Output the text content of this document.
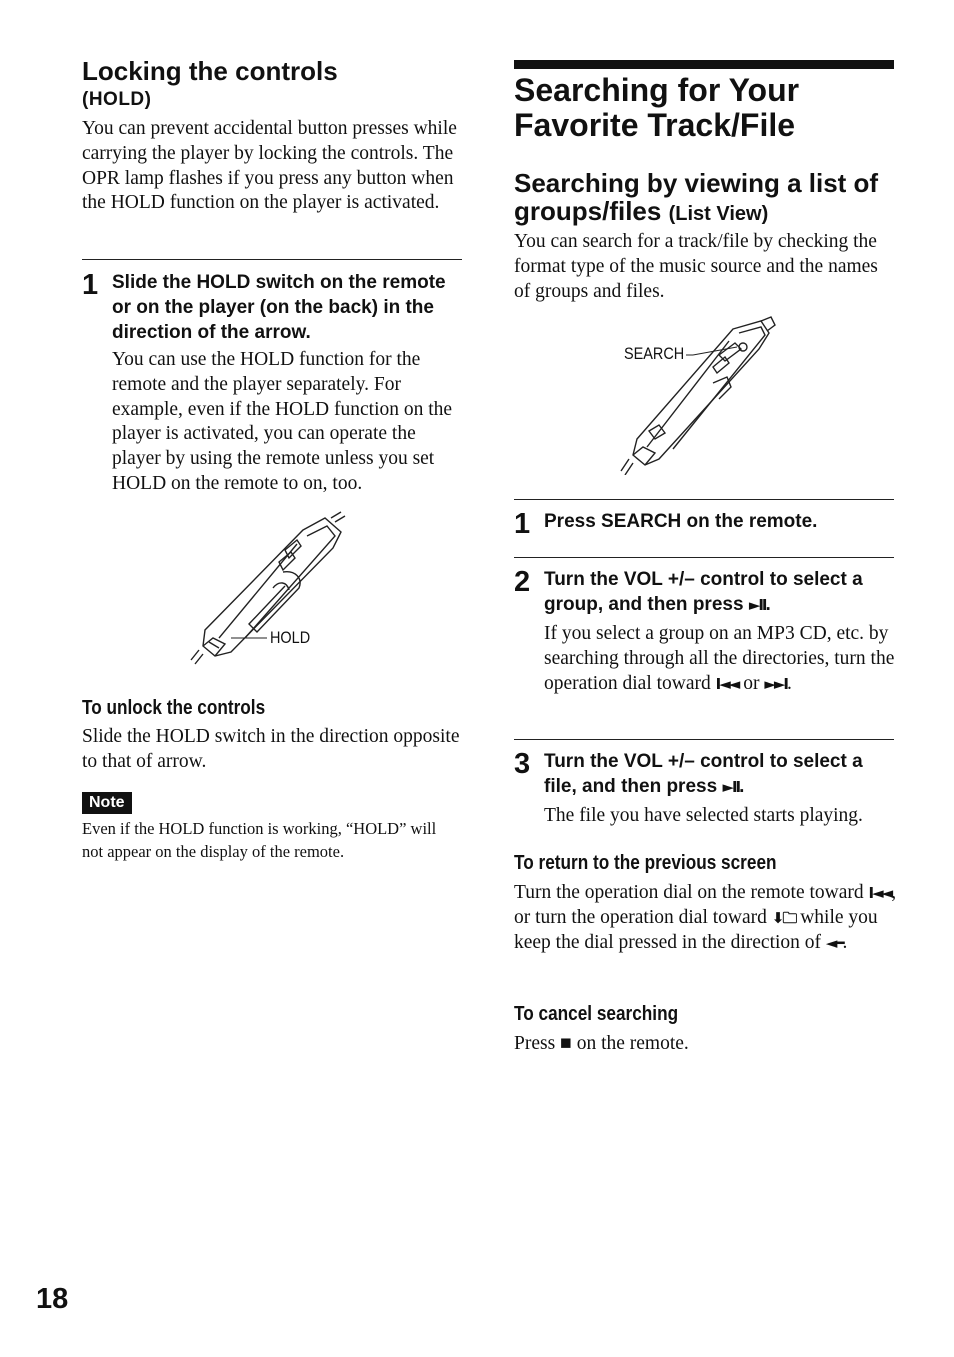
Locking the controls
(HOLD)
You can prevent accidental button presses while carrying the player by locking the controls. The OPR lamp flashes if you press any button when the HOLD function on the player is activated.
1 Slide the HOLD switch on the remote or on the player (on the back) in the direction of the arrow.
You can use the HOLD function for the remote and the player separately. For example, even if the HOLD function on the player is activated, you can operate the player by using the remote unless you set HOLD on the remote to on, too.
HOLD
To unlock the controls
Slide the HOLD switch in the direction opposite to that of arrow.
Note
Even if the HOLD function is working, “HOLD” will not appear on the display of the remote.
Searching for Your Favorite Track/File
Searching by viewing a list of groups/files (List View)
You can search for a track/file by checking the format type of the music source and the names of groups and files.
SEARCH
1 Press SEARCH on the remote.
2 Turn the VOL +/– control to select a group, and then press ►II.
If you select a group on an MP3 CD, etc. by searching through all the directories, turn the operation dial toward I◄◄ or ►►I.
3 Turn the VOL +/– control to select a file, and then press ►II.
The file you have selected starts playing.
To return to the previous screen
Turn the operation dial on the remote toward I◄◄, or turn the operation dial toward ⬇🗀 while you keep the dial pressed in the direction of ◄━.
To cancel searching
Press ■ on the remote.
18
